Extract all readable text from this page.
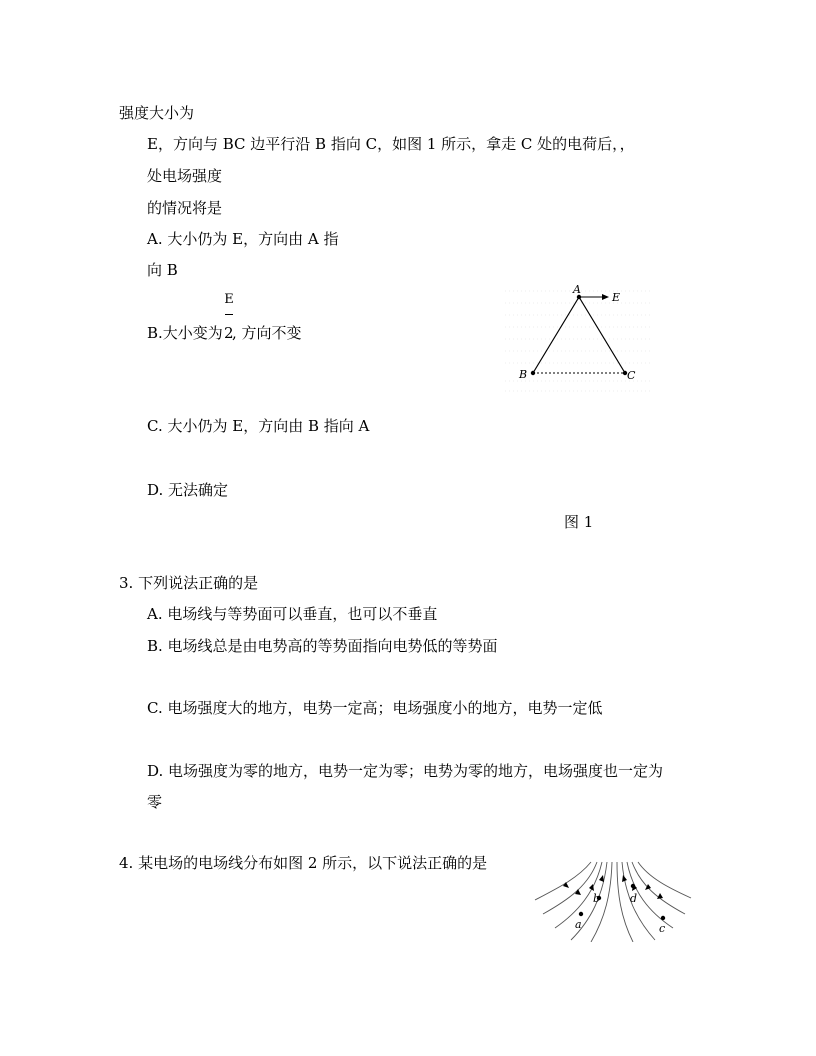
强度大小为
E，方向与 BC 边平行沿 B 指向 C，如图 1 所示，拿走 C 处的电荷后，，
处电场强度
的情况将是
A. 大小仍为 E，方向由 A 指
向 B
B.大小变为
E
2
, 方向不变
C. 大小仍为 E，方向由 B 指向 A
D. 无法确定
A
E
B	C
图 1
3. 下列说法正确的是
A. 电场线与等势面可以垂直，也可以不垂直
B. 电场线总是由电势高的等势面指向电势低的等势面
C. 电场强度大的地方，电势一定高；电场强度小的地方，电势一定低
D. 电场强度为零的地方，电势一定为零；电势为零的地方，电场强度也一定为
零
4. 某电场的电场线分布如图 2 所示，以下说法正确的是
a
b
c
d
